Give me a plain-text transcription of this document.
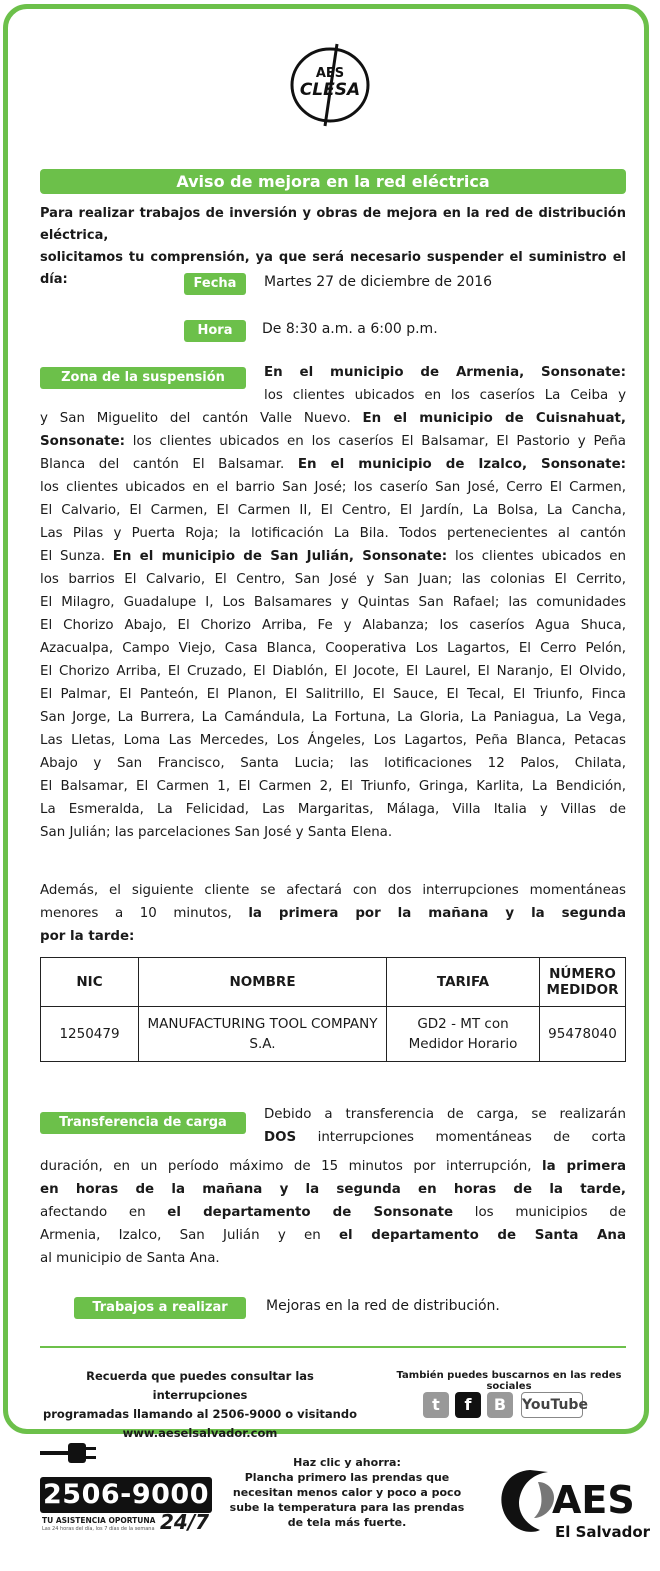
AES
CLESA
Aviso de mejora en la red eléctrica
Para realizar trabajos de inversión y obras de mejora en la red de distribución eléctrica,
solicitamos tu comprensión, ya que será necesario suspender el suministro el día:	Fecha	Martes 27 de diciembre de 2016
Hora	De 8:30 a.m. a 6:00 p.m.
Zona de la suspensión	En el municipio de Armenia, Sonsonate:
los clientes ubicados en los caseríos La Ceiba y
y San Miguelito del cantón Valle Nuevo. En el municipio de Cuisnahuat,
Sonsonate: los clientes ubicados en los caseríos El Balsamar, El Pastorio y Peña
Blanca del cantón El Balsamar. En el municipio de Izalco, Sonsonate:
los clientes ubicados en el barrio San José; los caserío San José, Cerro El Carmen,
El Calvario, El Carmen, El Carmen II, El Centro, El Jardín, La Bolsa, La Cancha,
Las Pilas y Puerta Roja; la lotificación La Bila. Todos pertenecientes al cantón
El Sunza. En el municipio de San Julián, Sonsonate: los clientes ubicados en
los barrios El Calvario, El Centro, San José y San Juan; las colonias El Cerrito,
El Milagro, Guadalupe I, Los Balsamares y Quintas San Rafael; las comunidades
El Chorizo Abajo, El Chorizo Arriba, Fe y Alabanza; los caseríos Agua Shuca,
Azacualpa, Campo Viejo, Casa Blanca, Cooperativa Los Lagartos, El Cerro Pelón,
El Chorizo Arriba, El Cruzado, El Diablón, El Jocote, El Laurel, El Naranjo, El Olvido,
El Palmar, El Panteón, El Planon, El Salitrillo, El Sauce, El Tecal, El Triunfo, Finca
San Jorge, La Burrera, La Camándula, La Fortuna, La Gloria, La Paniagua, La Vega,
Las Lletas, Loma Las Mercedes, Los Ángeles, Los Lagartos, Peña Blanca, Petacas
Abajo y San Francisco, Santa Lucia; las lotificaciones 12 Palos, Chilata,
El Balsamar, El Carmen 1, El Carmen 2, El Triunfo, Gringa, Karlita, La Bendición,
La Esmeralda, La Felicidad, Las Margaritas, Málaga, Villa Italia y Villas de
San Julián; las parcelaciones San José y Santa Elena.
Además, el siguiente cliente se afectará con dos interrupciones momentáneas
menores a 10 minutos, la primera por la mañana y la segunda
por la tarde:
NIC	NOMBRE	TARIFA	NÚMERO MEDIDOR
1250479	MANUFACTURING TOOL COMPANY S.A.	GD2 - MT con Medidor Horario	95478040
Transferencia de carga
Debido a transferencia de carga, se realizarán
DOS interrupciones momentáneas de corta
duración, en un período máximo de 15 minutos por interrupción, la primera
en horas de la mañana y la segunda en horas de la tarde,
afectando en el departamento de Sonsonate los municipios de
Armenia, Izalco, San Julián y en el departamento de Santa Ana
al municipio de Santa Ana.
Trabajos a realizar	Mejoras en la red de distribución.
Recuerda que puedes consultar las interrupciones
programadas llamando al 2506-9000 o visitando
www.aeselsalvador.com
También puedes buscarnos en las redes sociales
t	f	B	YouTube
2506-9000
TU ASISTENCIA OPORTUNA
Las 24 horas del día, los 7 días de la semana 24/7
Haz clic y ahorra:
Plancha primero las prendas que
necesitan menos calor y poco a poco
sube la temperatura para las prendas
de tela más fuerte.
AES
El Salvador
